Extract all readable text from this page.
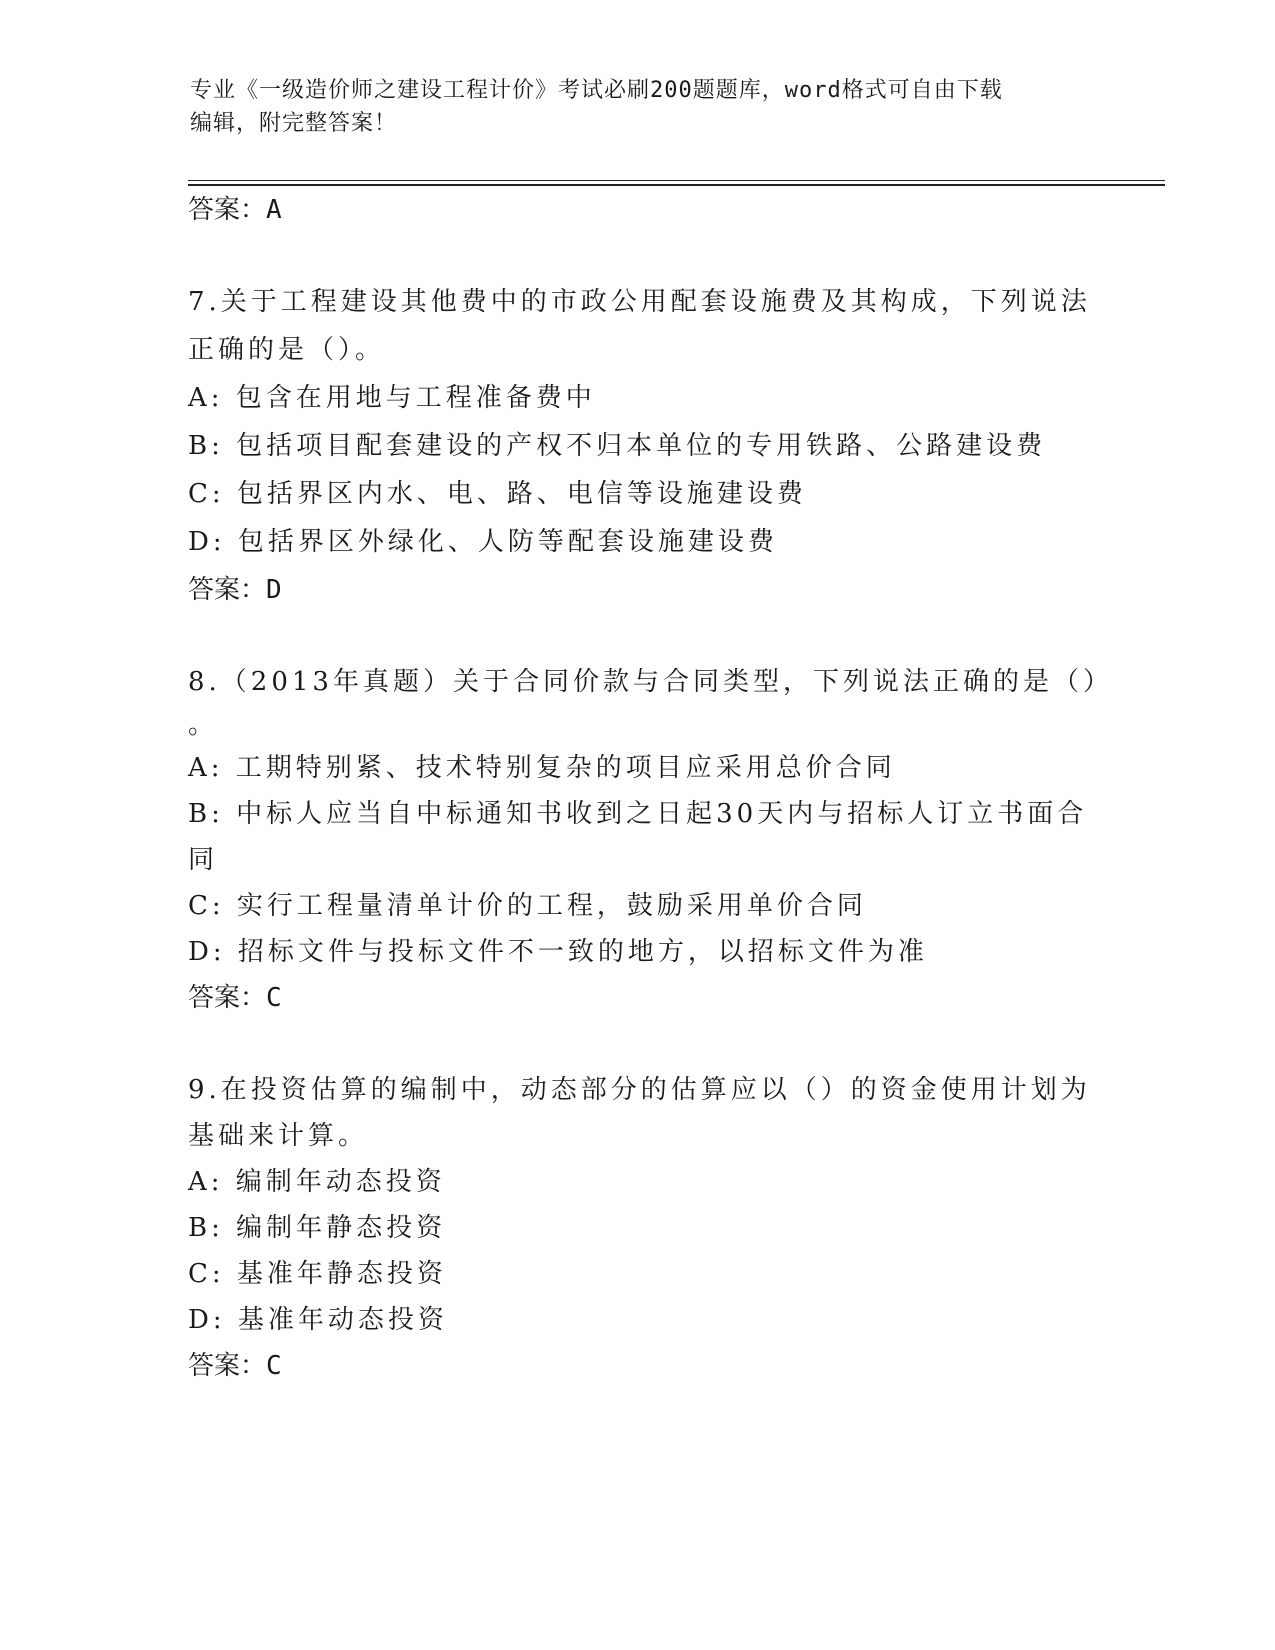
专业《一级造价师之建设工程计价》考试必刷200题题库，word格式可自由下载
编辑，附完整答案！
答案：A
7.关于工程建设其他费中的市政公用配套设施费及其构成，下列说法
正确的是（）。
A: 包含在用地与工程准备费中
B: 包括项目配套建设的产权不归本单位的专用铁路、公路建设费
C: 包括界区内水、电、路、电信等设施建设费
D: 包括界区外绿化、人防等配套设施建设费
答案：D
8.（2013年真题）关于合同价款与合同类型，下列说法正确的是（）
。
A: 工期特别紧、技术特别复杂的项目应采用总价合同
B: 中标人应当自中标通知书收到之日起30天内与招标人订立书面合
同
C: 实行工程量清单计价的工程，鼓励采用单价合同
D: 招标文件与投标文件不一致的地方，以招标文件为准
答案：C
9.在投资估算的编制中，动态部分的估算应以（）的资金使用计划为
基础来计算。
A: 编制年动态投资
B: 编制年静态投资
C: 基准年静态投资
D: 基准年动态投资
答案：C
